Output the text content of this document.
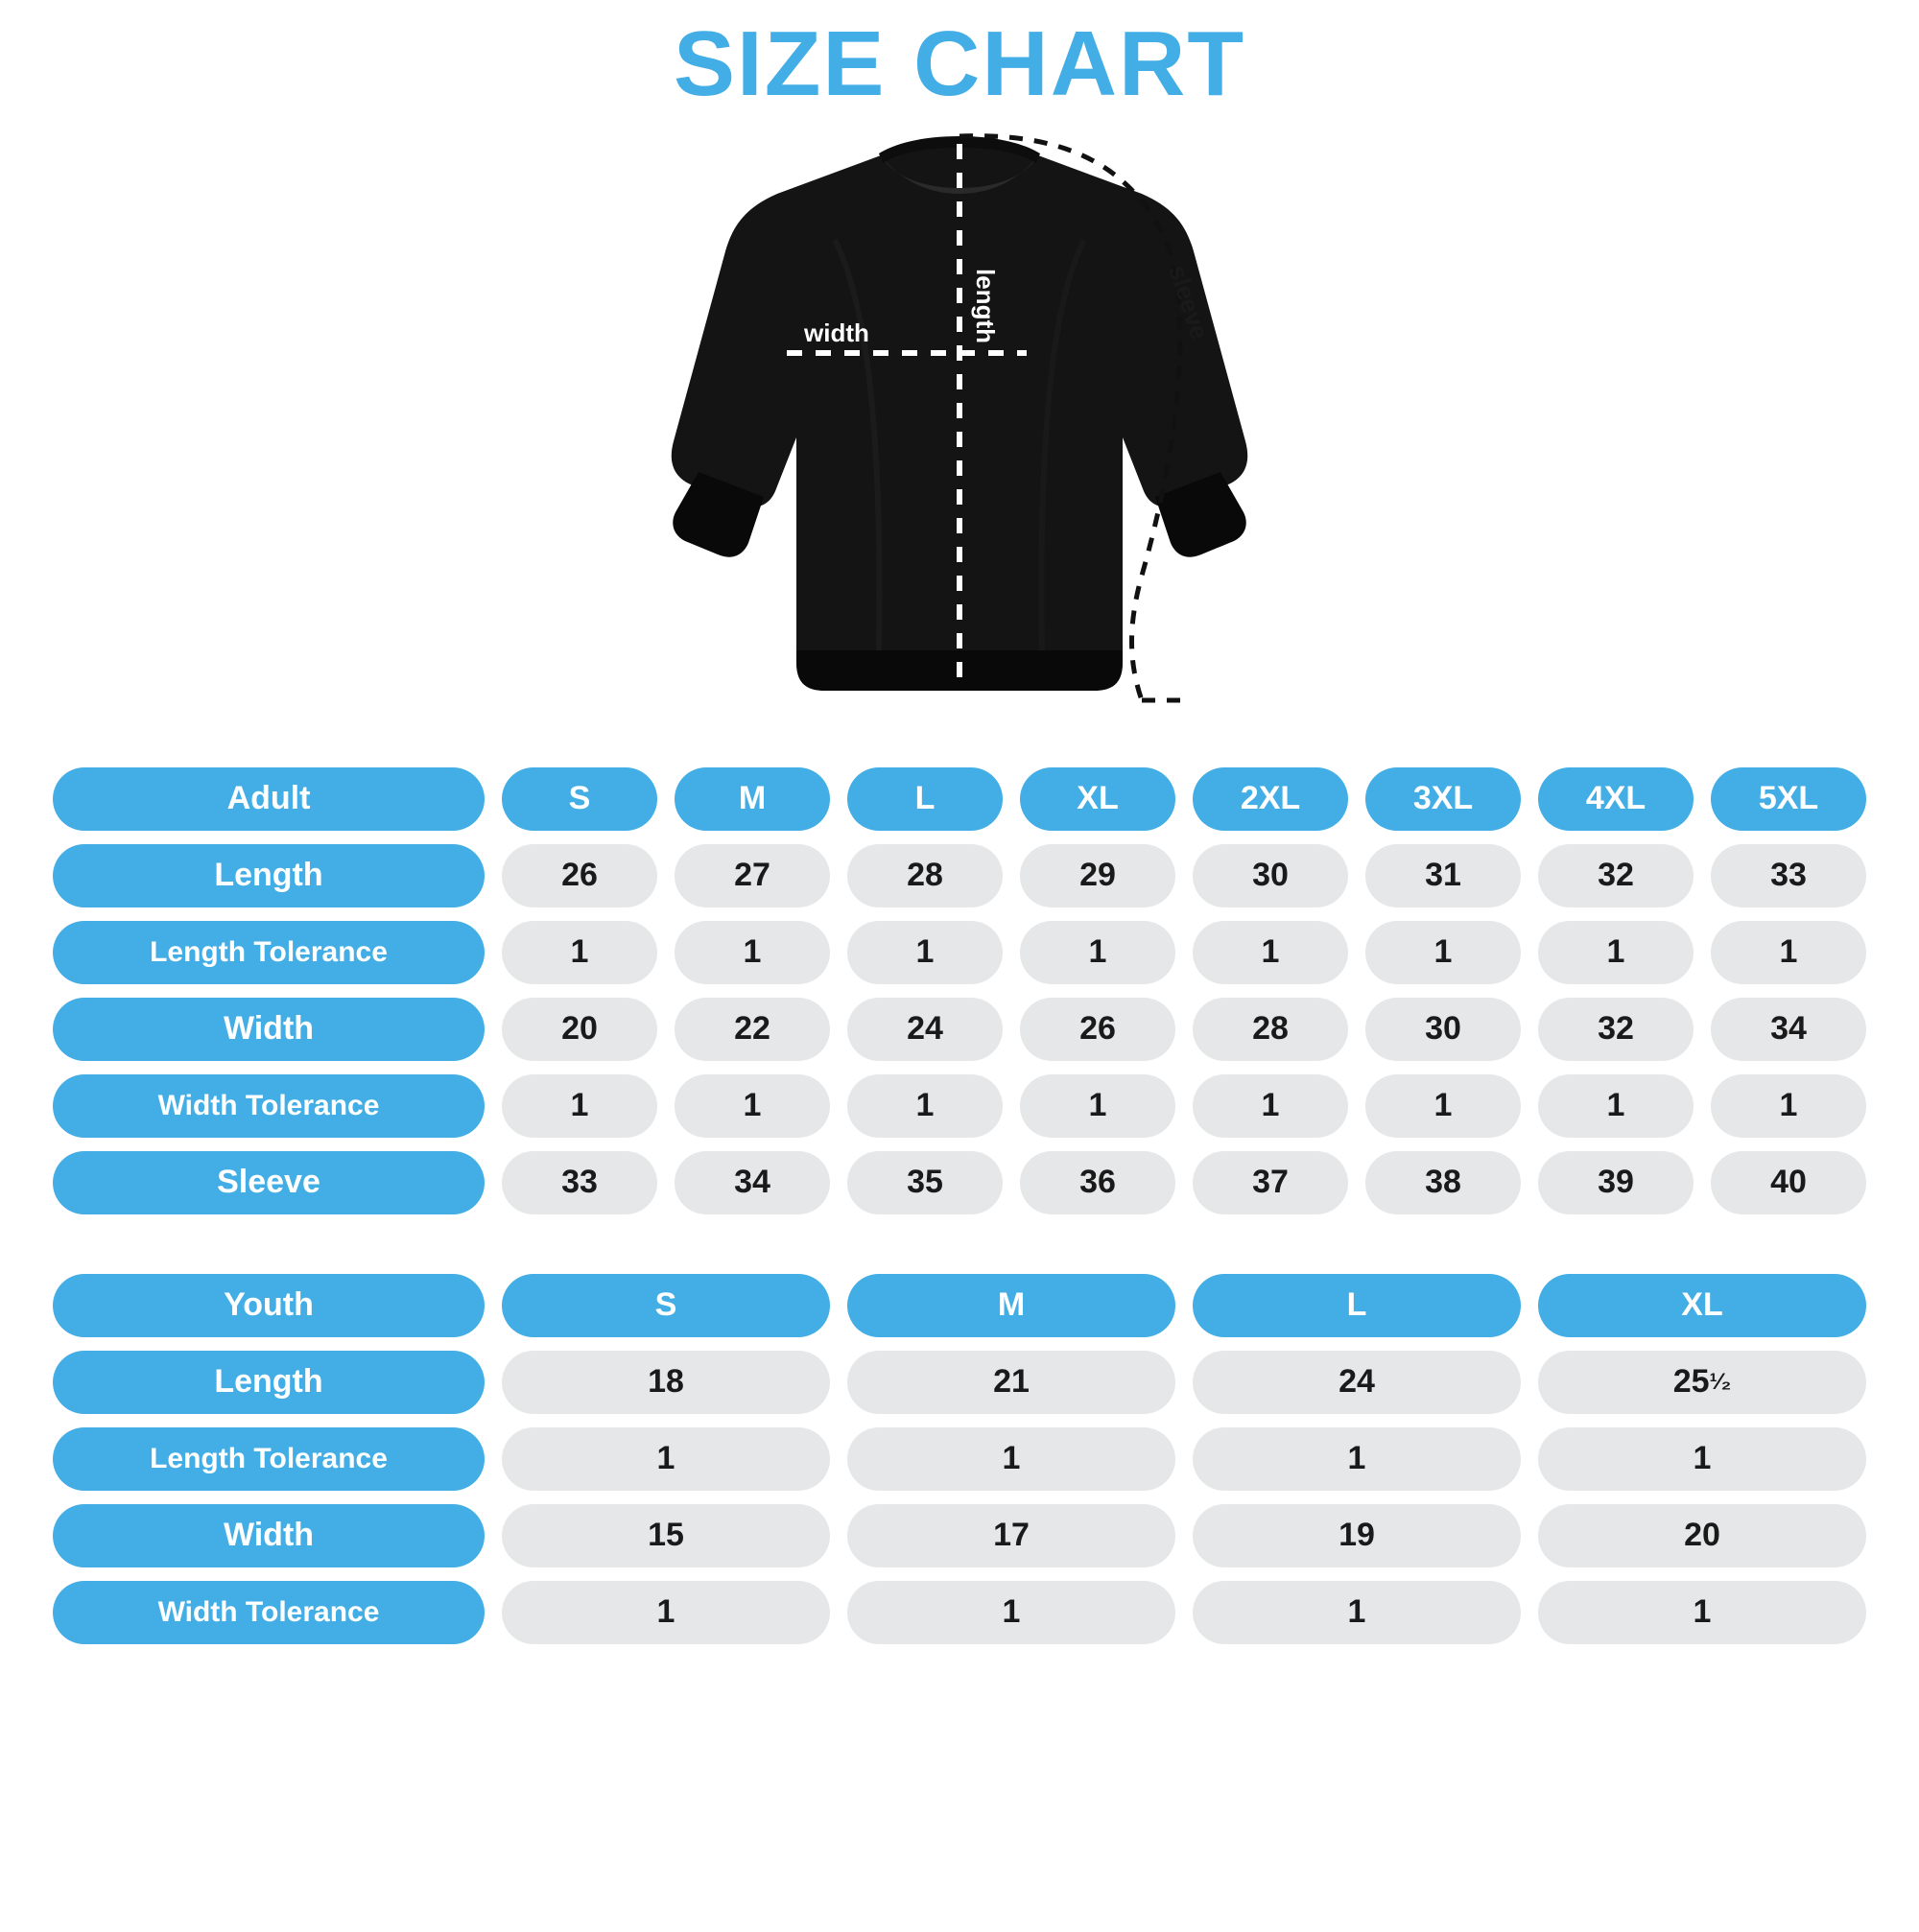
SIZE CHART
length
width	sleeve
Adult	S	M	L	XL	2XL	3XL	4XL	5XL
Length	26	27	28	29	30	31	32	33
Length Tolerance	1	1	1	1	1	1	1	1
Width	20	22	24	26	28	30	32	34
Width Tolerance	1	1	1	1	1	1	1	1
Sleeve	33	34	35	36	37	38	39	40
Youth	S	M	L	XL
Length	18	21	24	25 ¹⁄₂
Length Tolerance	1	1	1	1
Width	15	17	19	20
Width Tolerance	1	1	1	1
